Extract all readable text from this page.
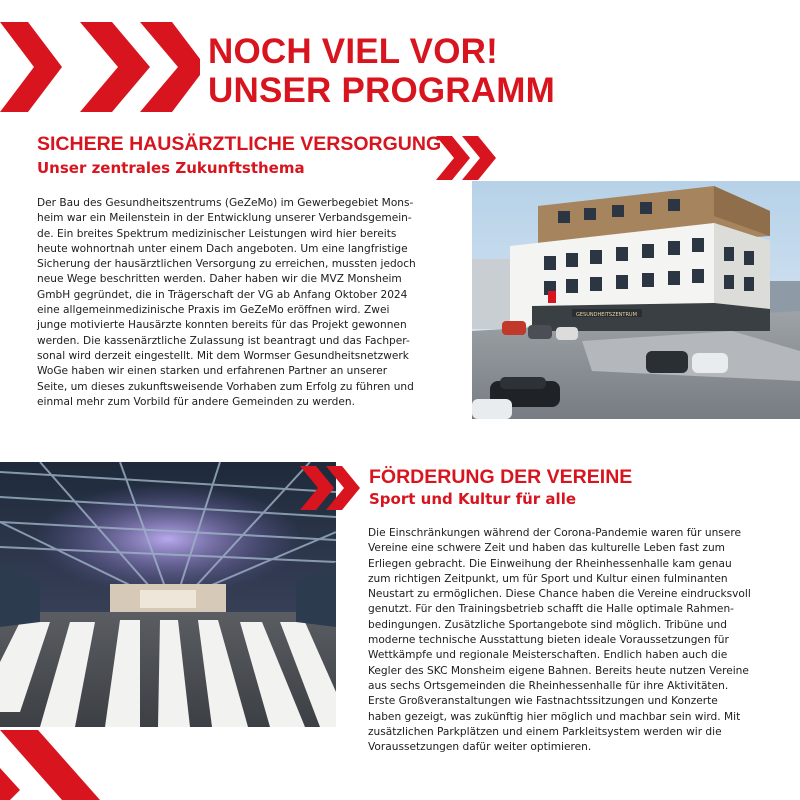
NOCH VIEL VOR!
UNSER PROGRAMM
SICHERE HAUSÄRZTLICHE VERSORGUNG
Unser zentrales Zukunftsthema

Der Bau des Gesundheitszentrums (GeZeMo) im Gewerbegebiet Mons-

heim war ein Meilenstein in der Entwicklung unserer Verbandsgemein-

de. Ein breites Spektrum medizinischer Leistungen wird hier bereits

heute wohnortnah unter einem Dach angeboten. Um eine langfristige

Sicherung der hausärztlichen Versorgung zu erreichen, mussten jedoch

neue Wege beschritten werden. Daher haben wir die MVZ Monsheim

GmbH gegründet, die in Trägerschaft der VG ab Anfang Oktober 2024

eine allgemeinmedizinische Praxis im GeZeMo eröffnen wird. Zwei

junge motivierte Hausärzte konnten bereits für das Projekt gewonnen

werden. Die kassenärztliche Zulassung ist beantragt und das Fachper-

sonal wird derzeit eingestellt. Mit dem Wormser Gesundheitsnetzwerk

WoGe haben wir einen starken und erfahrenen Partner an unserer

Seite, um dieses zukunftsweisende Vorhaben zum Erfolg zu führen und

einmal mehr zum Vorbild für andere Gemeinden zu werden.

GESUNDHEITSZENTRUM
FÖRDERUNG DER VEREINE
Sport und Kultur für alle

Die Einschränkungen während der Corona-Pandemie waren für unsere

Vereine eine schwere Zeit und haben das kulturelle Leben fast zum

Erliegen gebracht. Die Einweihung der Rheinhessenhalle kam genau

zum richtigen Zeitpunkt, um für Sport und Kultur einen fulminanten

Neustart zu ermöglichen. Diese Chance haben die Vereine eindrucksvoll

genutzt. Für den Trainingsbetrieb schafft die Halle optimale Rahmen-

bedingungen. Zusätzliche Sportangebote sind möglich. Tribüne und

moderne technische Ausstattung bieten ideale Voraussetzungen für

Wettkämpfe und regionale Meisterschaften. Endlich haben auch die

Kegler des SKC Monsheim eigene Bahnen. Bereits heute nutzen Vereine

aus sechs Ortsgemeinden die Rheinhessenhalle für ihre Aktivitäten.

Erste Großveranstaltungen wie Fastnachtssitzungen und Konzerte

haben gezeigt, was zukünftig hier möglich und machbar sein wird. Mit

zusätzlichen Parkplätzen und einem Parkleitsystem werden wir die

Voraussetzungen dafür weiter optimieren.
